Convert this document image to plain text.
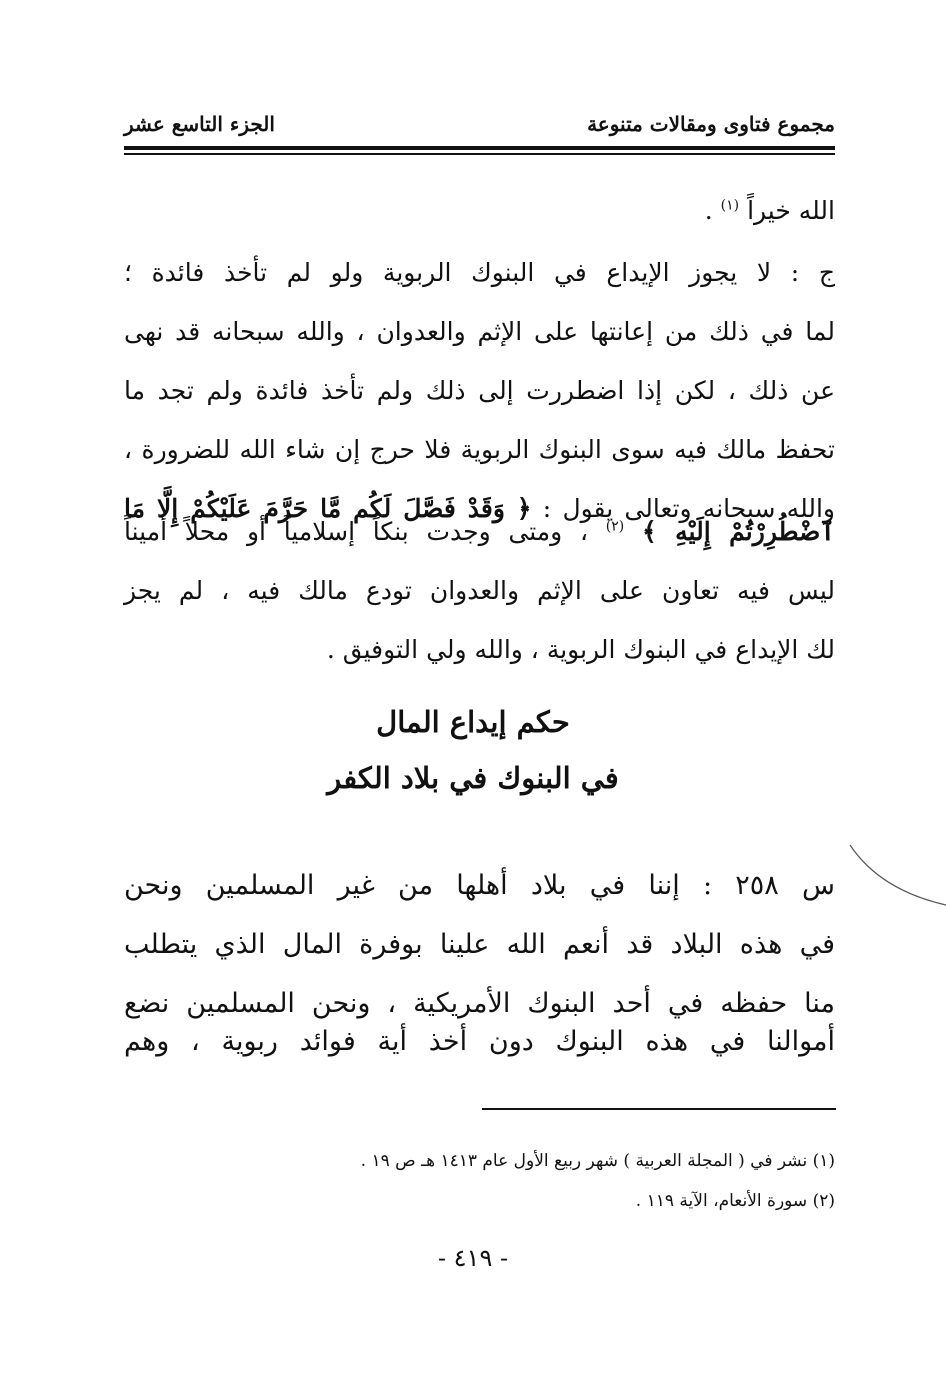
مجموع فتاوى ومقالات متنوعة
الجزء التاسع عشر
الله خيراً $^{(١)}$ .
ج : لا يجوز الإيداع في البنوك الربوية ولو لم تأخذ فائدة ؛
لما في ذلك من إعانتها على الإثم والعدوان ، والله سبحانه قد نهى
عن ذلك ، لكن إذا اضطررت إلى ذلك ولم تأخذ فائدة ولم تجد ما
تحفظ مالك فيه سوى البنوك الربوية فلا حرج إن شاء الله للضرورة ،
والله سبحانه وتعالى يقول : ﴿ وَقَدْ فَصَّلَ لَكُم مَّا حَرَّمَ عَلَيْكُمْ إِلَّا مَا
ٱضْطُرِرْتُمْ إِلَيْهِ ﴾ $^{(٢)}$ ، ومتى وجدت بنكاً إسلامياً أو محلاً أميناً
ليس فيه تعاون على الإثم والعدوان تودع مالك فيه ، لم يجز
لك الإيداع في البنوك الربوية ، والله ولي التوفيق .
حكم إيداع المال
في البنوك في بلاد الكفر
س ٢٥٨ : إننا في بلاد أهلها من غير المسلمين ونحن
في هذه البلاد قد أنعم الله علينا بوفرة المال الذي يتطلب
منا حفظه في أحد البنوك الأمريكية ، ونحن المسلمين نضع
أموالنا في هذه البنوك دون أخذ أية فوائد ربوية ، وهم
(١) نشر في ( المجلة العربية ) شهر ربيع الأول عام ١٤١٣ هـ ص ١٩ .
(٢) سورة الأنعام، الآية ١١٩ .
- ٤١٩ -
